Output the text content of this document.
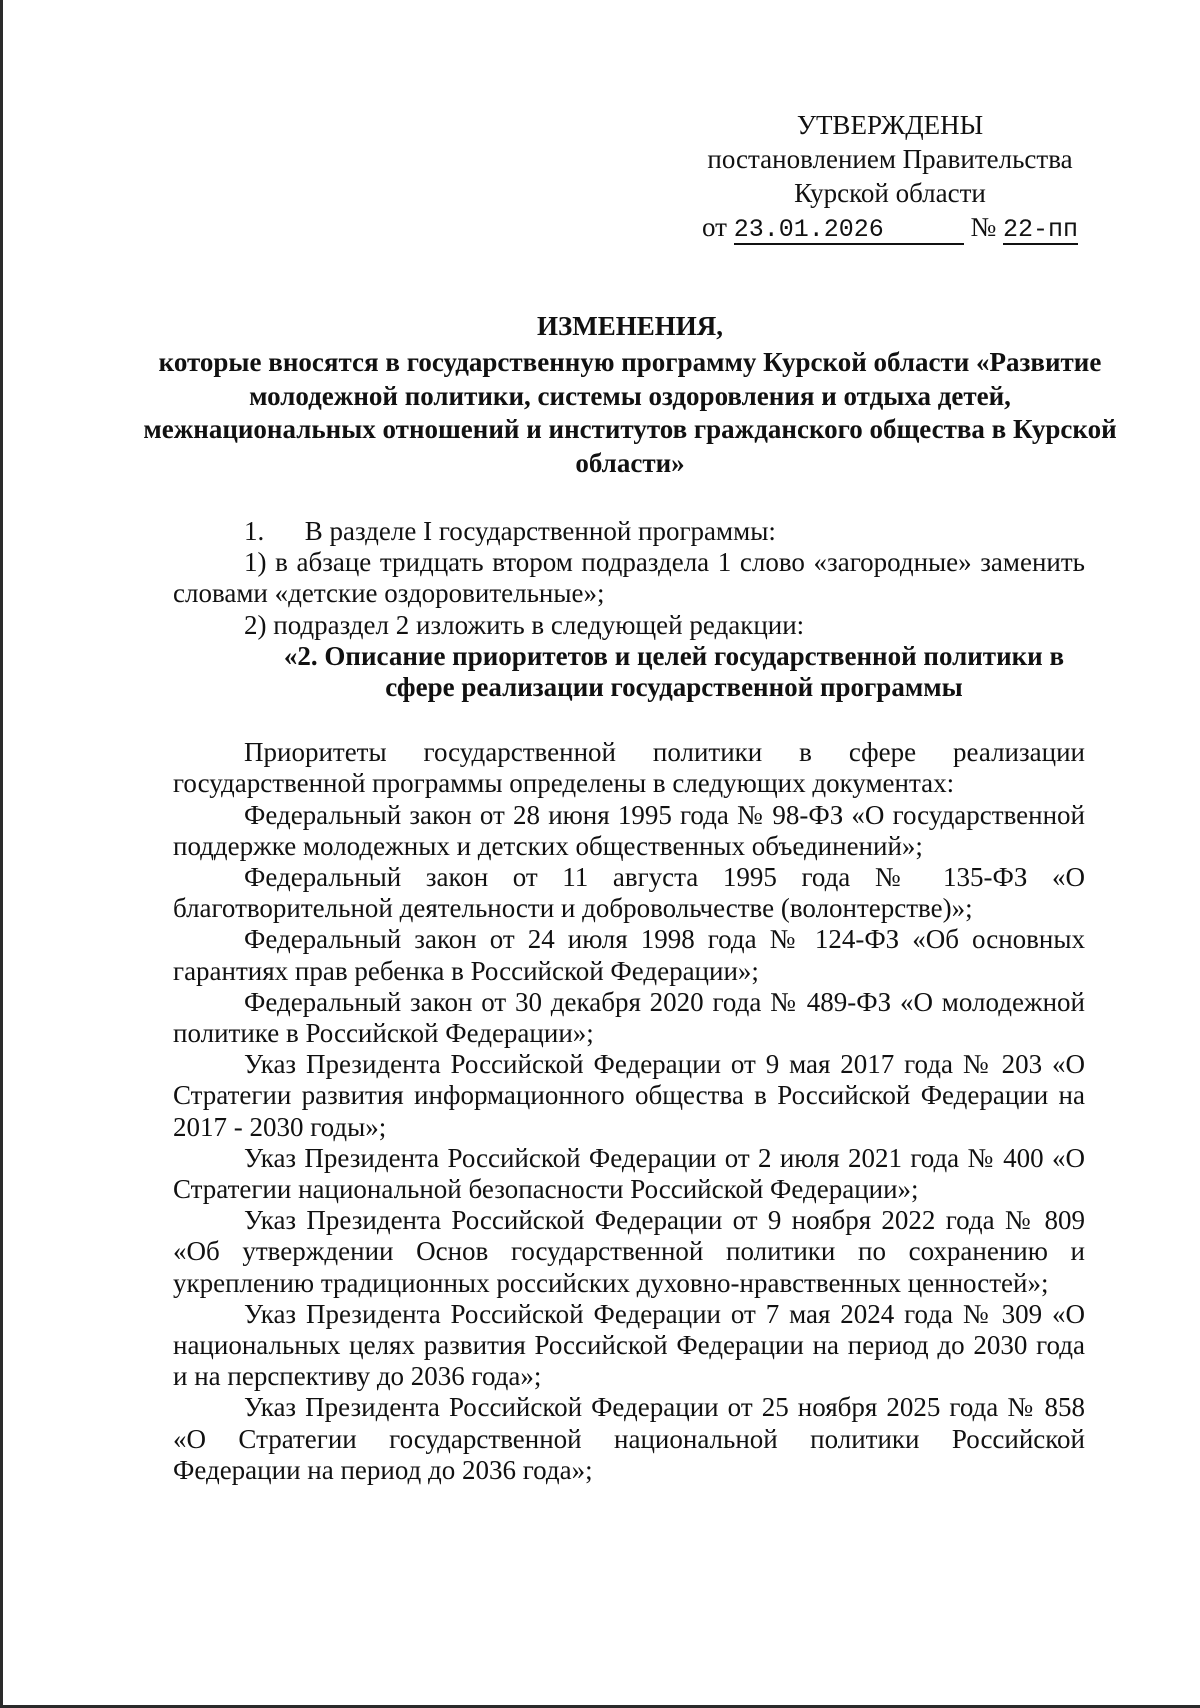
УТВЕРЖДЕНЫ
постановлением Правительства
Курской области
от 23.01.2026	№ 22-пп
ИЗМЕНЕНИЯ,
которые вносятся в государственную программу Курской области «Развитие молодежной политики, системы оздоровления и отдыха детей, межнациональных отношений и институтов гражданского общества в Курской области»

1.      В разделе I государственной программы:

1) в абзаце тридцать втором подраздела 1 слово «загородные» заменить словами «детские оздоровительные»;

2) подраздел 2 изложить в следующей редакции:

«2. Описание приоритетов и целей государственной политики в сфере реализации государственной программы

Приоритеты государственной политики в сфере реализации государственной программы определены в следующих документах:

Федеральный закон от 28 июня 1995 года № 98-ФЗ «О государственной поддержке молодежных и детских общественных объединений»;

Федеральный закон от 11 августа 1995 года № 135-ФЗ «О благотворительной деятельности и добровольчестве (волонтерстве)»;

Федеральный закон от 24 июля 1998 года № 124-ФЗ «Об основных гарантиях прав ребенка в Российской Федерации»;

Федеральный закон от 30 декабря 2020 года № 489-ФЗ «О молодежной политике в Российской Федерации»;

Указ Президента Российской Федерации от 9 мая 2017 года № 203 «О Стратегии развития информационного общества в Российской Федерации на 2017 - 2030 годы»;

Указ Президента Российской Федерации от 2 июля 2021 года № 400 «О Стратегии национальной безопасности Российской Федерации»;

Указ Президента Российской Федерации от 9 ноября 2022 года № 809 «Об утверждении Основ государственной политики по сохранению и укреплению традиционных российских духовно-нравственных ценностей»;

Указ Президента Российской Федерации от 7 мая 2024 года № 309 «О национальных целях развития Российской Федерации на период до 2030 года и на перспективу до 2036 года»;

Указ Президента Российской Федерации от 25 ноября 2025 года № 858 «О Стратегии государственной национальной политики Российской Федерации на период до 2036 года»;
